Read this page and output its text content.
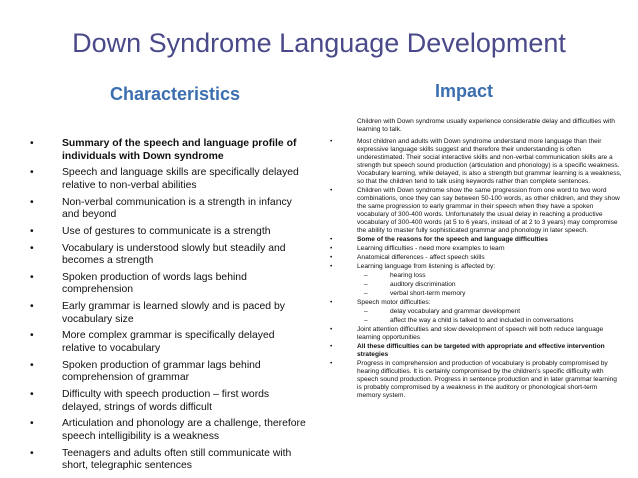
Down Syndrome Language Development
Characteristics	Impact
•	Summary of the speech and language profile of individuals with Down syndrome
•	Speech and language skills are specifically delayed relative to non-verbal abilities
•	Non-verbal communication is a strength in infancy and beyond
•	Use of gestures to communicate is a strength
•	Vocabulary is understood slowly but steadily and becomes a strength
•	Spoken production of words lags behind comprehension
•	Early grammar is learned slowly and is paced by vocabulary size
•	More complex grammar is specifically delayed relative to vocabulary
•	Spoken production of grammar lags behind comprehension of grammar
•	Difficulty with speech production – first words delayed, strings of words difficult
•	Articulation and phonology are a challenge, therefore speech intelligibility is a weakness
•	Teenagers and adults often still communicate with short, telegraphic sentences
Children with Down syndrome usually experience considerable delay and difficulties with learning to talk.
•	Most children and adults with Down syndrome understand more language than their expressive language skills suggest and therefore their understanding is often underestimated. Their social interactive skills and non-verbal communication skills are a strength but speech sound production (articulation and phonology) is a specific weakness. Vocabulary learning, while delayed, is also a strength but grammar learning is a weakness, so that the children tend to talk using keywords rather than complete sentences.
•	Children with Down syndrome show the same progression from one word to two word combinations, once they can say between 50-100 words, as other children, and they show the same progression to early grammar in their speech when they have a spoken vocabulary of 300-400 words. Unfortunately the usual delay in reaching a productive vocabulary of 300-400 words (at 5 to 6 years, instead of at 2 to 3 years) may compromise the ability to master fully sophisticated grammar and phonology in later speech.
•	Some of the reasons for the speech and language difficulties
•	Learning difficulties - need more examples to learn
•	Anatomical differences - affect speech skills
•	Learning language from listening is affected by:
–	hearing loss
–	auditory discrimination
–	verbal short-term memory
•	Speech motor difficulties:
–	delay vocabulary and grammar development
–	affect the way a child is talked to and included in conversations
•	Joint attention difficulties and slow development of speech will both reduce language learning opportunities
•	All these difficulties can be targeted with appropriate and effective intervention strategies
•	Progress in comprehension and production of vocabulary is probably compromised by hearing difficulties. It is certainly compromised by the children's specific difficulty with speech sound production. Progress in sentence production and in later grammar learning is probably compromised by a weakness in the auditory or phonological short-term memory system.
